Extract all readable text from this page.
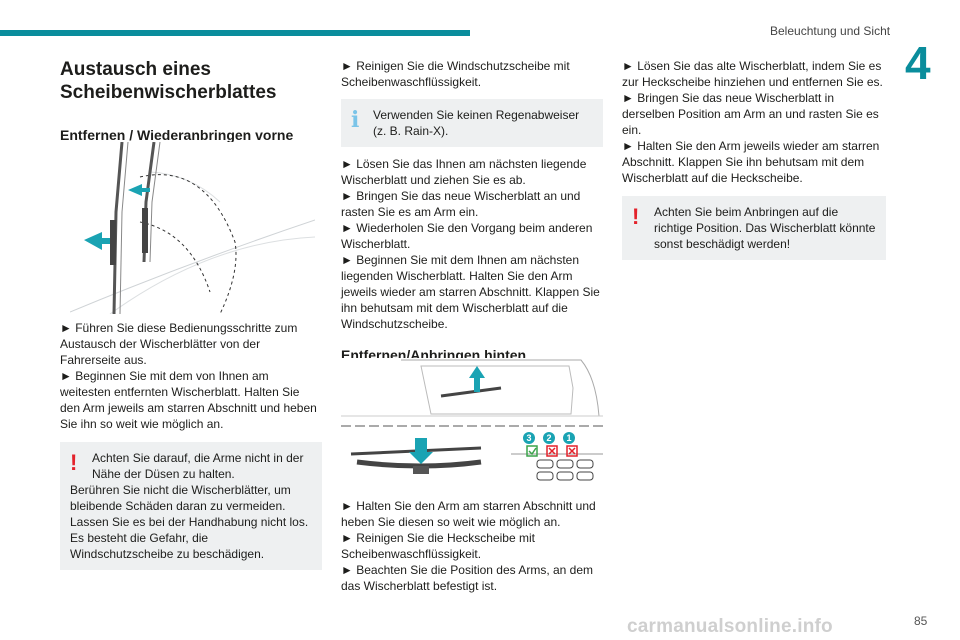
Beleuchtung und Sicht
4
Austausch eines
Scheibenwischerblattes
Entfernen / Wiederanbringen vorne

► Führen Sie diese Bedienungsschritte zum Austausch der Wischerblätter von der Fahrerseite aus.

► Beginnen Sie mit dem von Ihnen am weitesten entfernten Wischerblatt. Halten Sie den Arm jeweils am starren Abschnitt und heben Sie ihn so weit wie möglich an.

!	Achten Sie darauf, die Arme nicht in der Nähe der Düsen zu halten.

Berühren Sie nicht die Wischerblätter, um bleibende Schäden daran zu vermeiden.

Lassen Sie es bei der Handhabung nicht los. Es besteht die Gefahr, die Windschutzscheibe zu beschädigen.

► Reinigen Sie die Windschutzscheibe mit Scheibenwaschflüssigkeit.

i	Verwenden Sie keinen Regenabweiser (z. B. Rain-X).

► Lösen Sie das Ihnen am nächsten liegende Wischerblatt und ziehen Sie es ab.

► Bringen Sie das neue Wischerblatt an und rasten Sie es am Arm ein.

► Wiederholen Sie den Vorgang beim anderen Wischerblatt.

► Beginnen Sie mit dem Ihnen am nächsten liegenden Wischerblatt. Halten Sie den Arm jeweils wieder am starren Abschnitt. Klappen Sie ihn behutsam mit dem Wischerblatt auf die Windschutzscheibe.

Entfernen/Anbringen hinten
3	2	1

► Halten Sie den Arm am starren Abschnitt und heben Sie diesen so weit wie möglich an.

► Reinigen Sie die Heckscheibe mit Scheibenwaschflüssigkeit.

► Beachten Sie die Position des Arms, an dem das Wischerblatt befestigt ist.

► Lösen Sie das alte Wischerblatt, indem Sie es zur Heckscheibe hinziehen und entfernen Sie es.

► Bringen Sie das neue Wischerblatt in derselben Position am Arm an und rasten Sie es ein.

► Halten Sie den Arm jeweils wieder am starren Abschnitt. Klappen Sie ihn behutsam mit dem Wischerblatt auf die Heckscheibe.

!	Achten Sie beim Anbringen auf die richtige Position. Das Wischerblatt könnte sonst beschädigt werden!

carmanualsonline.info	85
